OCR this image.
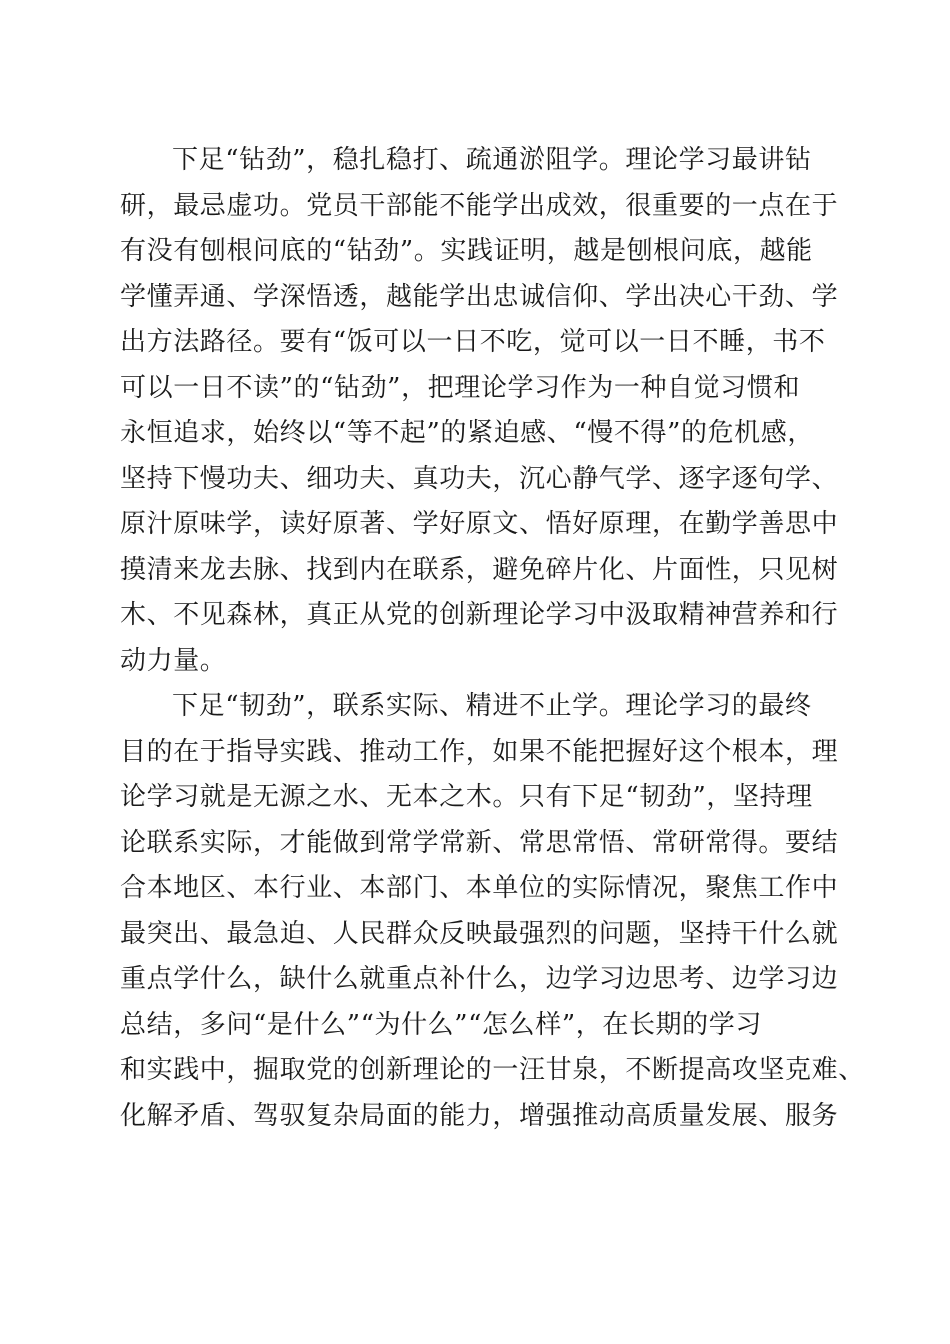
下足“钻劲”，稳扎稳打、疏通淤阻学。理论学习最讲钻
研，最忌虚功。党员干部能不能学出成效，很重要的一点在于
有没有刨根问底的“钻劲”。实践证明，越是刨根问底，越能
学懂弄通、学深悟透，越能学出忠诚信仰、学出决心干劲、学
出方法路径。要有“饭可以一日不吃，觉可以一日不睡，书不
可以一日不读”的“钻劲”，把理论学习作为一种自觉习惯和
永恒追求，始终以“等不起”的紧迫感、“慢不得”的危机感，
坚持下慢功夫、细功夫、真功夫，沉心静气学、逐字逐句学、
原汁原味学，读好原著、学好原文、悟好原理，在勤学善思中
摸清来龙去脉、找到内在联系，避免碎片化、片面性，只见树
木、不见森林，真正从党的创新理论学习中汲取精神营养和行
动力量。
下足“韧劲”，联系实际、精进不止学。理论学习的最终
目的在于指导实践、推动工作，如果不能把握好这个根本，理
论学习就是无源之水、无本之木。只有下足“韧劲”，坚持理
论联系实际，才能做到常学常新、常思常悟、常研常得。要结
合本地区、本行业、本部门、本单位的实际情况，聚焦工作中
最突出、最急迫、人民群众反映最强烈的问题，坚持干什么就
重点学什么，缺什么就重点补什么，边学习边思考、边学习边
总结，多问“是什么”“为什么”“怎么样”，在长期的学习
和实践中，掘取党的创新理论的一汪甘泉，不断提高攻坚克难、
化解矛盾、驾驭复杂局面的能力，增强推动高质量发展、服务
